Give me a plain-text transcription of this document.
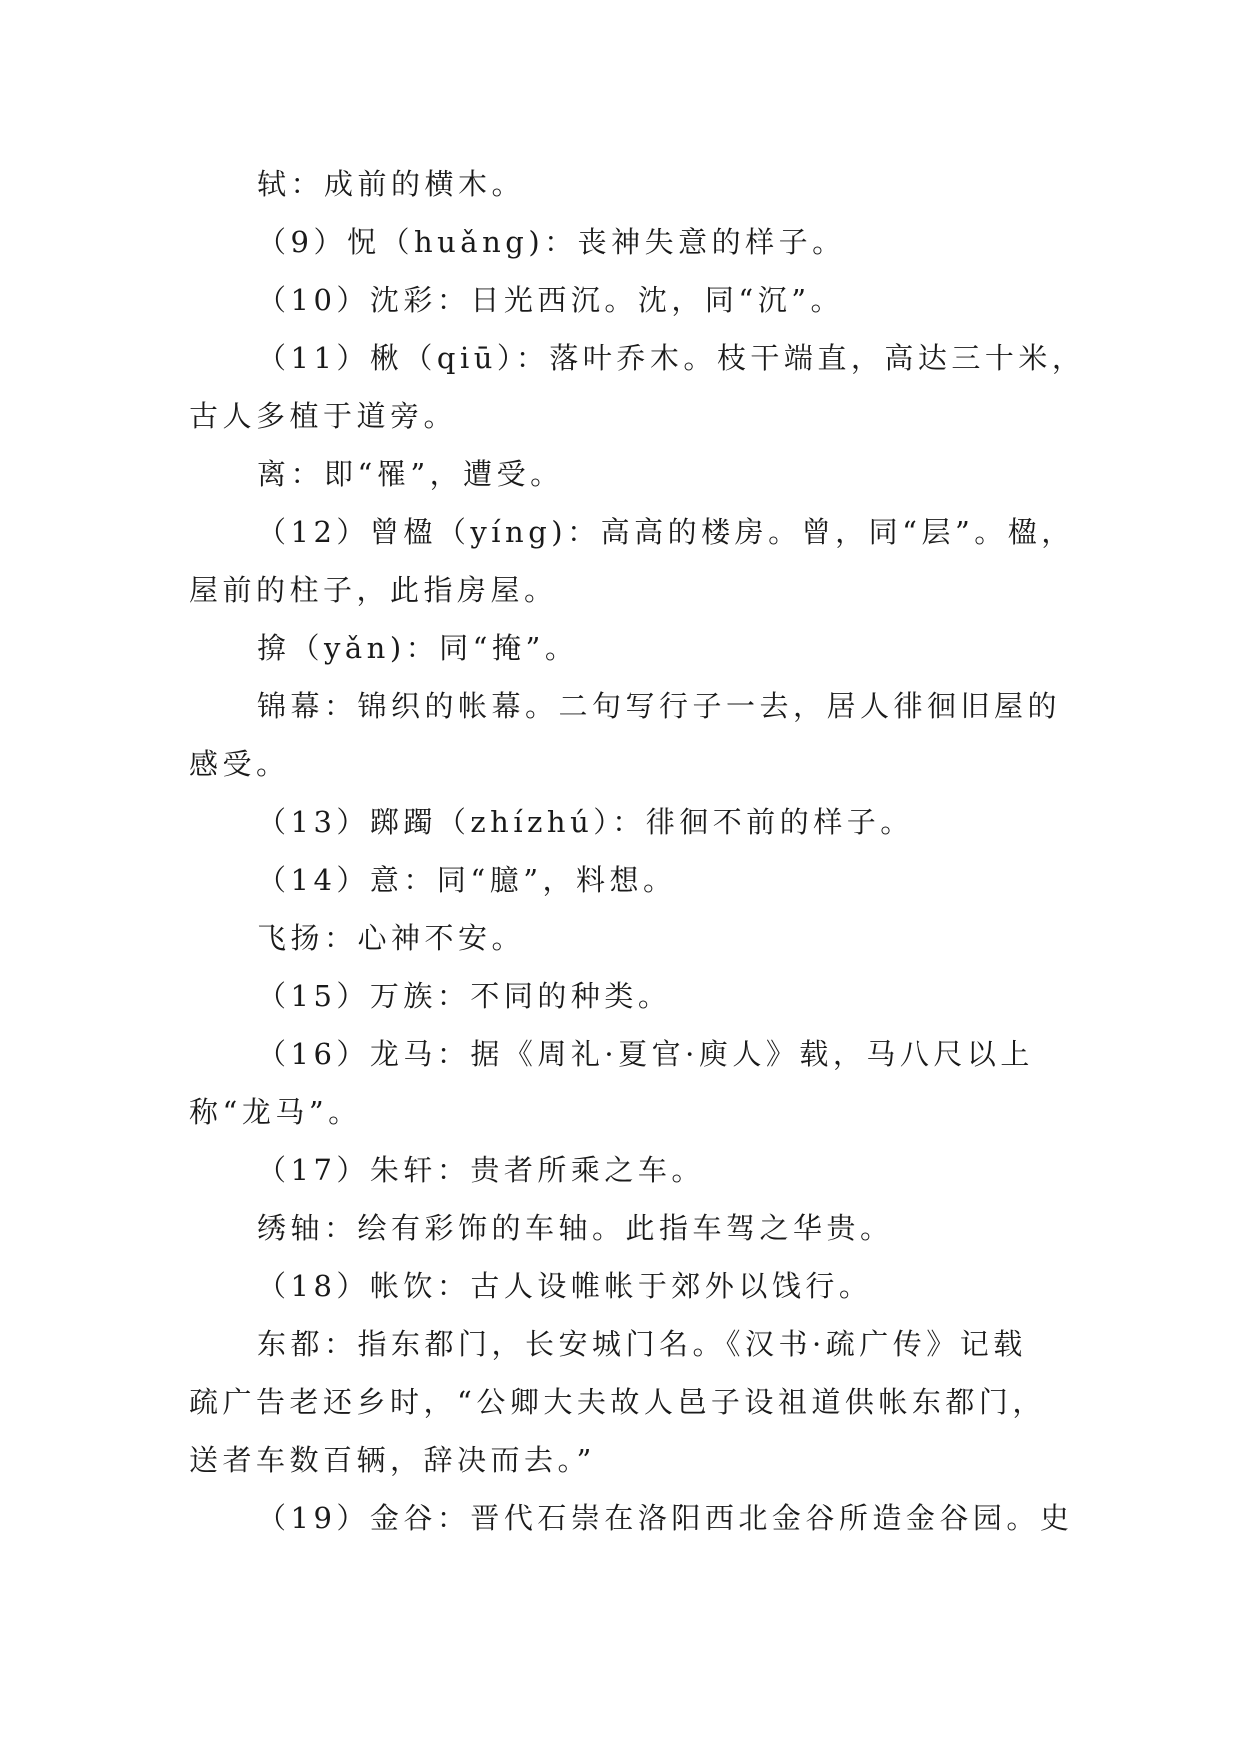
轼：成前的横木。
（9）怳（huǎng)：丧神失意的样子。
（10）沈彩：日光西沉。沈，同“沉”。
（11）楸（qiū）：落叶乔木。枝干端直，高达三十米，
古人多植于道旁。
离：即“罹”，遭受。
（12）曾楹（yíng)：高高的楼房。曾，同“层”。楹，
屋前的柱子，此指房屋。
揜（yǎn)：同“掩”。
锦幕：锦织的帐幕。二句写行子一去，居人徘徊旧屋的
感受。
（13）踯躅（zhízhú）：徘徊不前的样子。
（14）意：同“臆”，料想。
飞扬：心神不安。
（15）万族：不同的种类。
（16）龙马：据《周礼·夏官·庾人》载，马八尺以上
称“龙马”。
（17）朱轩：贵者所乘之车。
绣轴：绘有彩饰的车轴。此指车驾之华贵。
（18）帐饮：古人设帷帐于郊外以饯行。
东都：指东都门，长安城门名。《汉书·疏广传》记载
疏广告老还乡时，“公卿大夫故人邑子设祖道供帐东都门，
送者车数百辆，辞决而去。”
（19）金谷：晋代石崇在洛阳西北金谷所造金谷园。史
